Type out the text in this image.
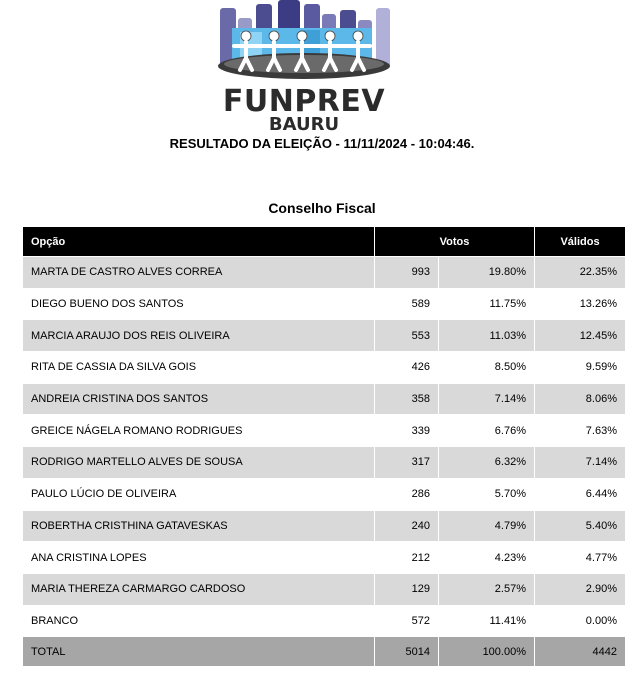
FUNPREV
BAURU
RESULTADO DA ELEIÇÃO - 11/11/2024 - 10:04:46.
Conselho Fiscal
Opção	Votos		Válidos
MARTA DE CASTRO ALVES CORREA	993	19.80%	22.35%
DIEGO BUENO DOS SANTOS	589	11.75%	13.26%
MARCIA ARAUJO DOS REIS OLIVEIRA	553	11.03%	12.45%
RITA DE CASSIA DA SILVA GOIS	426	8.50%	9.59%
ANDREIA CRISTINA DOS SANTOS	358	7.14%	8.06%
GREICE NÁGELA ROMANO RODRIGUES	339	6.76%	7.63%
RODRIGO MARTELLO ALVES DE SOUSA	317	6.32%	7.14%
PAULO LÚCIO DE OLIVEIRA	286	5.70%	6.44%
ROBERTHA CRISTHINA GATAVESKAS	240	4.79%	5.40%
ANA CRISTINA LOPES	212	4.23%	4.77%
MARIA THEREZA CARMARGO CARDOSO	129	2.57%	2.90%
BRANCO	572	11.41%	0.00%
TOTAL	5014	100.00%	4442
